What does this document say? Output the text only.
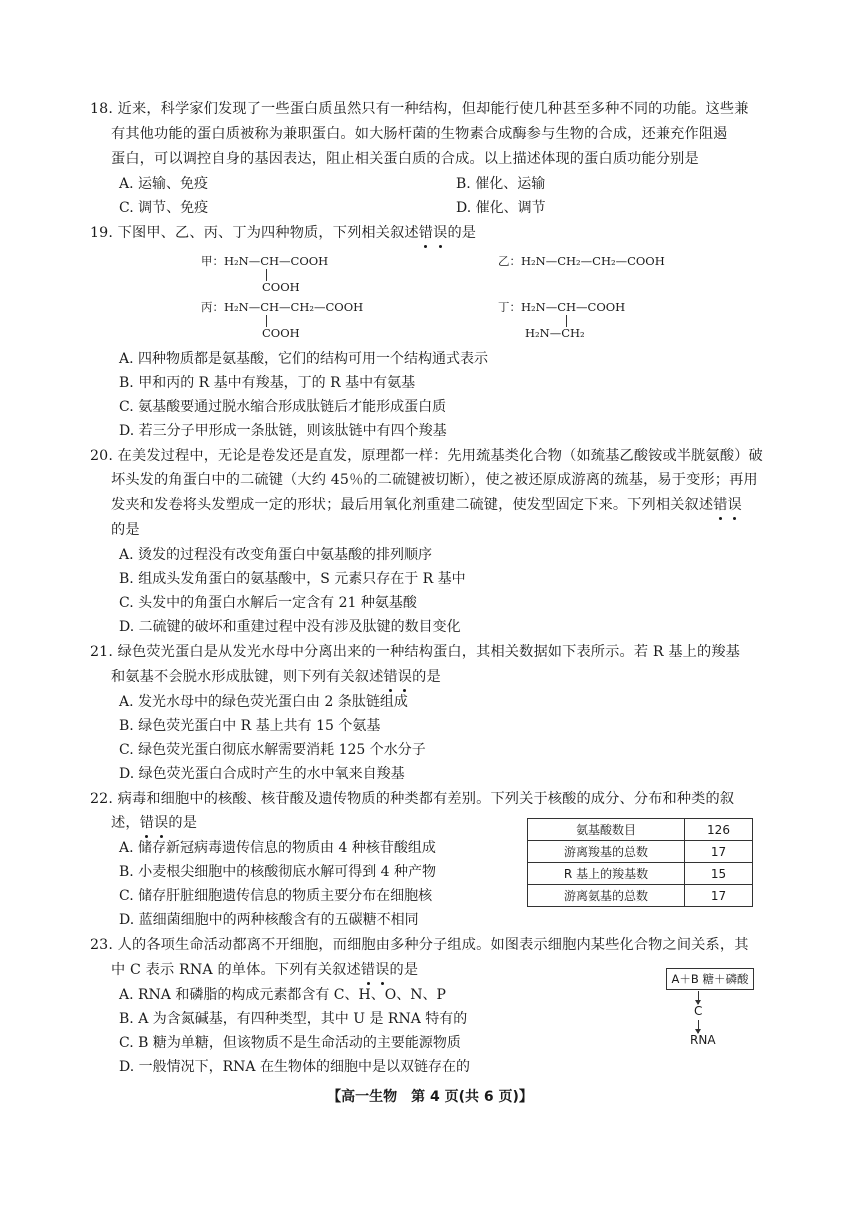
18. 近来，科学家们发现了一些蛋白质虽然只有一种结构，但却能行使几种甚至多种不同的功能。这些兼
有其他功能的蛋白质被称为兼职蛋白。如大肠杆菌的生物素合成酶参与生物的合成，还兼充作阻遏
蛋白，可以调控自身的基因表达，阻止相关蛋白质的合成。以上描述体现的蛋白质功能分别是
A. 运输、免疫	B. 催化、运输
C. 调节、免疫	D. 催化、调节
19. 下图甲、乙、丙、丁为四种物质，下列相关叙述错误的是
甲：H₂N—CH—COOH
COOH
乙：H₂N—CH₂—CH₂—COOH
丙：H₂N—CH—CH₂—COOH
COOH
丁：H₂N—CH—COOH
H₂N—CH₂
A. 四种物质都是氨基酸，它们的结构可用一个结构通式表示
B. 甲和丙的 R 基中有羧基，丁的 R 基中有氨基
C. 氨基酸要通过脱水缩合形成肽链后才能形成蛋白质
D. 若三分子甲形成一条肽链，则该肽链中有四个羧基
20. 在美发过程中，无论是卷发还是直发，原理都一样：先用巯基类化合物（如巯基乙酸铵或半胱氨酸）破
坏头发的角蛋白中的二硫键（大约 45％的二硫键被切断），使之被还原成游离的巯基，易于变形；再用
发夹和发卷将头发塑成一定的形状；最后用氧化剂重建二硫键，使发型固定下来。下列相关叙述错误
的是
A. 烫发的过程没有改变角蛋白中氨基酸的排列顺序
B. 组成头发角蛋白的氨基酸中，S 元素只存在于 R 基中
C. 头发中的角蛋白水解后一定含有 21 种氨基酸
D. 二硫键的破坏和重建过程中没有涉及肽键的数目变化
21. 绿色荧光蛋白是从发光水母中分离出来的一种结构蛋白，其相关数据如下表所示。若 R 基上的羧基
和氨基不会脱水形成肽键，则下列有关叙述错误的是
A. 发光水母中的绿色荧光蛋白由 2 条肽链组成
B. 绿色荧光蛋白中 R 基上共有 15 个氨基
C. 绿色荧光蛋白彻底水解需要消耗 125 个水分子
D. 绿色荧光蛋白合成时产生的水中氧来自羧基
22. 病毒和细胞中的核酸、核苷酸及遗传物质的种类都有差别。下列关于核酸的成分、分布和种类的叙
述，错误的是
A. 储存新冠病毒遗传信息的物质由 4 种核苷酸组成
B. 小麦根尖细胞中的核酸彻底水解可得到 4 种产物
C. 储存肝脏细胞遗传信息的物质主要分布在细胞核
D. 蓝细菌细胞中的两种核酸含有的五碳糖不相同
氨基酸数目	126
游离羧基的总数	17
R 基上的羧基数	15
游离氨基的总数	17
23. 人的各项生命活动都离不开细胞，而细胞由多种分子组成。如图表示细胞内某些化合物之间关系，其
中 C 表示 RNA 的单体。下列有关叙述错误的是
A. RNA 和磷脂的构成元素都含有 C、H、O、N、P
B. A 为含氮碱基，有四种类型，其中 U 是 RNA 特有的
C. B 糖为单糖，但该物质不是生命活动的主要能源物质
D. 一般情况下，RNA 在生物体的细胞中是以双链存在的
A＋B 糖＋磷酸
C
RNA
【高一生物　第 4 页(共 6 页)】
